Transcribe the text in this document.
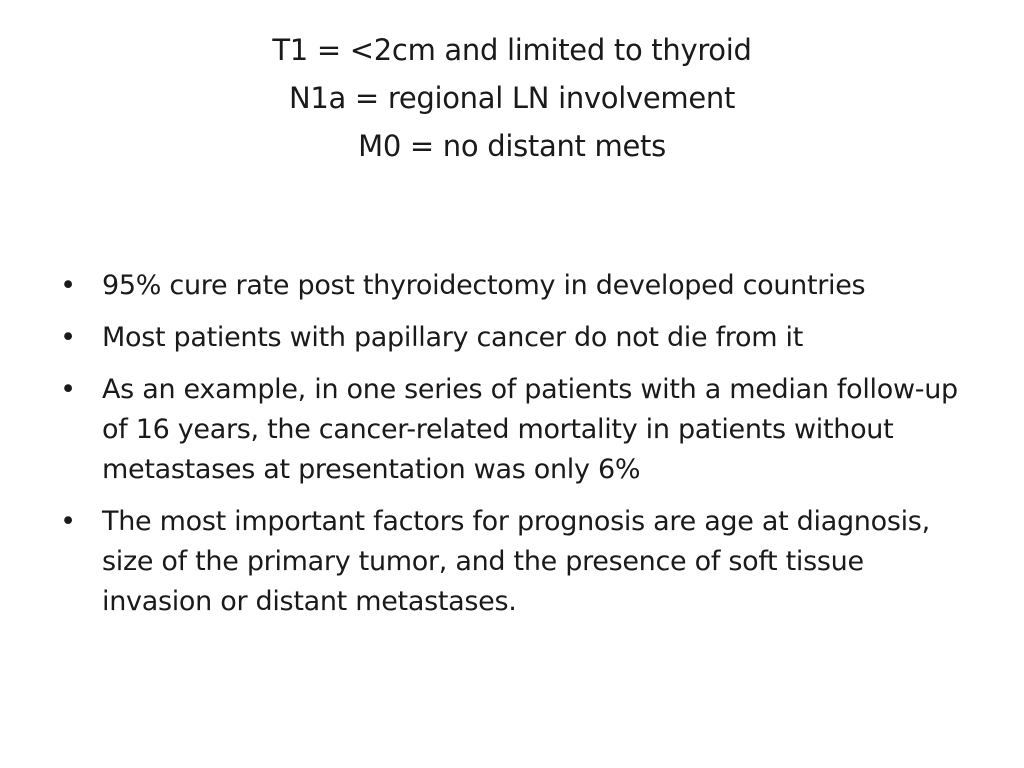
T1 = <2cm and limited to thyroid
N1a = regional LN involvement
M0 = no distant mets
• 95% cure rate post thyroidectomy in developed countries
• Most patients with papillary cancer do not die from it
• As an example, in one series of patients with a median follow-up of 16 years, the cancer-related mortality in patients without metastases at presentation was only 6%
• The most important factors for prognosis are age at diagnosis, size of the primary tumor, and the presence of soft tissue invasion or distant metastases.
